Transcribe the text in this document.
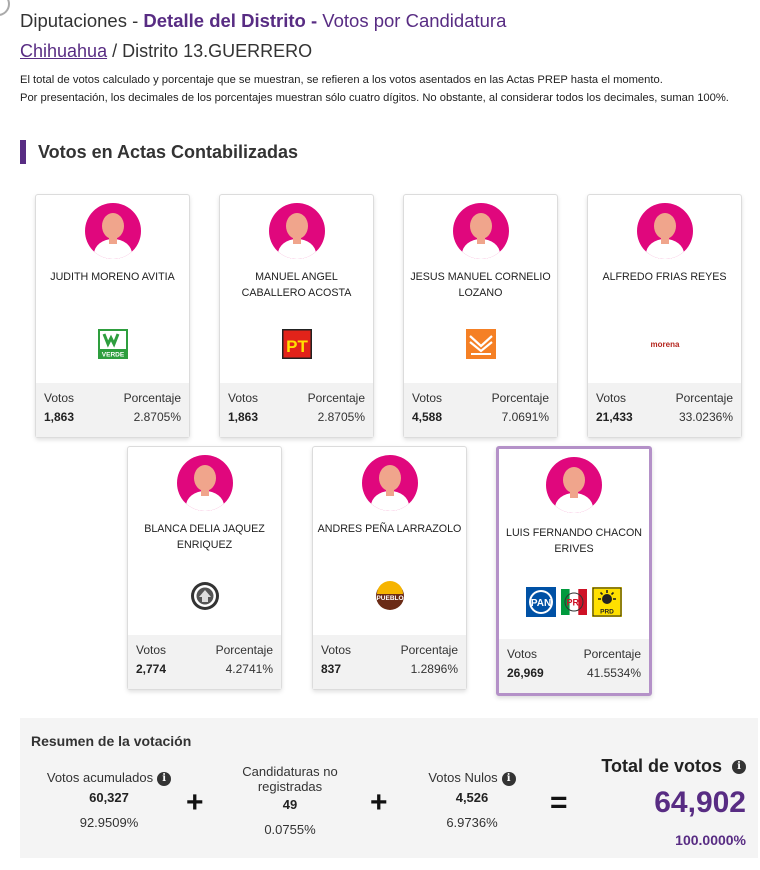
Diputaciones - Detalle del Distrito - Votos por Candidatura
Chihuahua / Distrito 13.GUERRERO
El total de votos calculado y porcentaje que se muestran, se refieren a los votos asentados en las Actas PREP hasta el momento.
Por presentación, los decimales de los porcentajes muestran sólo cuatro dígitos. No obstante, al considerar todos los decimales, suman 100%.
Votos en Actas Contabilizadas
JUDITH MORENO AVITIA
VERDE
Votos	Porcentaje
1,863	2.8705%
MANUEL ANGEL CABALLERO ACOSTA
PT
Votos	Porcentaje
1,863	2.8705%
JESUS MANUEL CORNELIO LOZANO
Votos	Porcentaje
4,588	7.0691%
ALFREDO FRIAS REYES
morena
Votos	Porcentaje
21,433	33.0236%
BLANCA DELIA JAQUEZ ENRIQUEZ
Votos	Porcentaje
2,774	4.2741%
ANDRES PEÑA LARRAZOLO
PUEBLO
Votos	Porcentaje
837	1.2896%
LUIS FERNANDO CHACON ERIVES
PAN PRI
PRD
Votos	Porcentaje
26,969	41.5534%
Resumen de la votación
Votos acumulados i
60,327
92.9509%
+
Candidaturas no registradas
49
0.0755%
+
Votos Nulos i
4,526
6.9736%
=
Total de votos i
64,902
100.0000%
